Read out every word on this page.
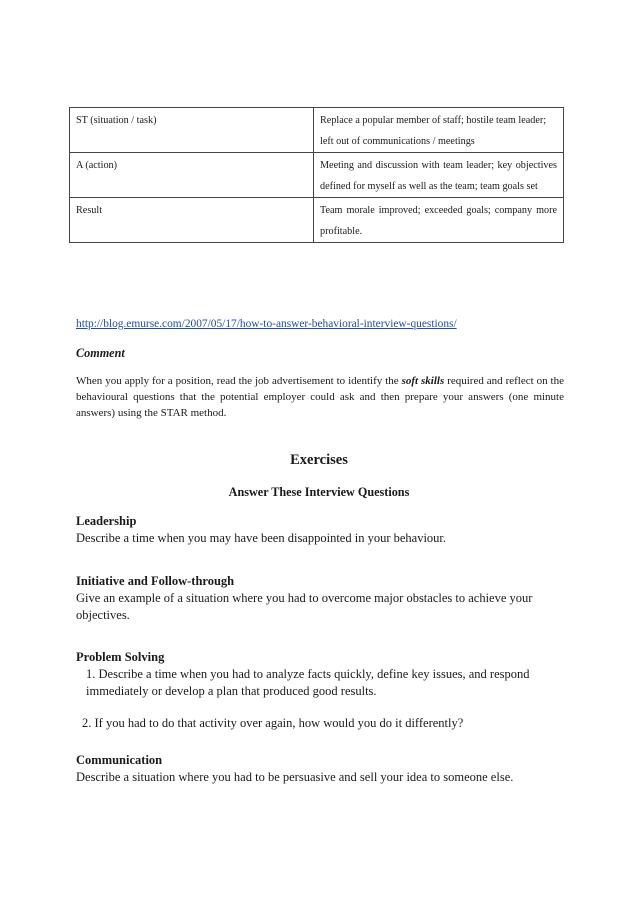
ST (situation / task)	Replace a popular member of staff; hostile team leader; left out of communications / meetings
A (action)	Meeting and discussion with team leader; key objectives defined for myself as well as the team; team goals set
Result	Team morale improved; exceeded goals; company more profitable.
http://blog.emurse.com/2007/05/17/how-to-answer-behavioral-interview-questions/
Comment
When you apply for a position, read the job advertisement to identify the soft skills required and reflect on the behavioural questions that the potential employer could ask and then prepare your answers (one minute answers) using the STAR method.
Exercises
Answer These Interview Questions
Leadership
Describe a time when you may have been disappointed in your behaviour.
Initiative and Follow-through
Give an example of a situation where you had to overcome major obstacles to achieve your objectives.
Problem Solving
1. Describe a time when you had to analyze facts quickly, define key issues, and respond immediately or develop a plan that produced good results.
2. If you had to do that activity over again, how would you do it differently?
Communication
Describe a situation where you had to be persuasive and sell your idea to someone else.
